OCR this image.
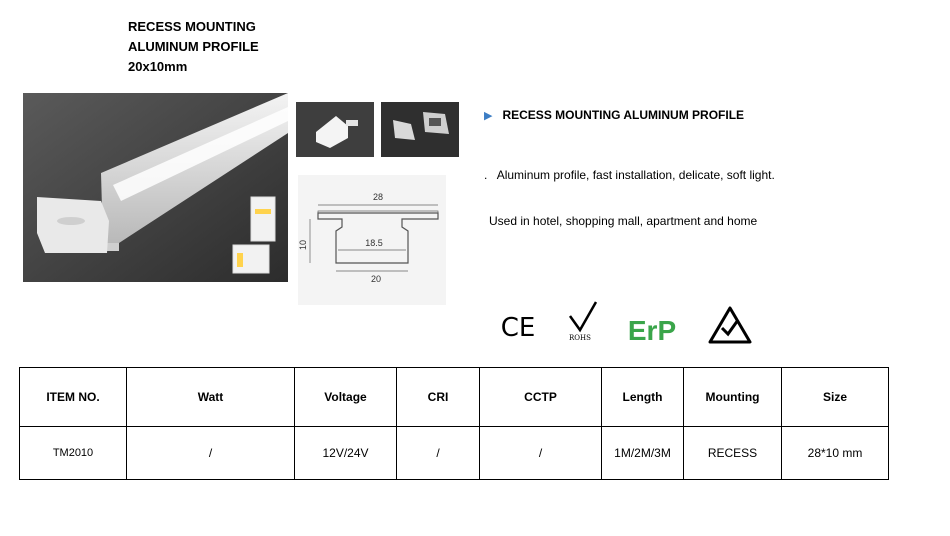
RECESS MOUNTING
ALUMINUM PROFILE
20x10mm
28
18.5
20
10
▶ RECESS MOUNTING ALUMINUM PROFILE
. Aluminum profile, fast installation, delicate, soft light.
Used in hotel, shopping mall, apartment and home
CE	ROHS ErP
ITEM NO.	Watt	Voltage	CRI	CCTP	Length	Mounting	Size
TM2010	/	12V/24V	/	/	1M/2M/3M	RECESS	28*10 mm
